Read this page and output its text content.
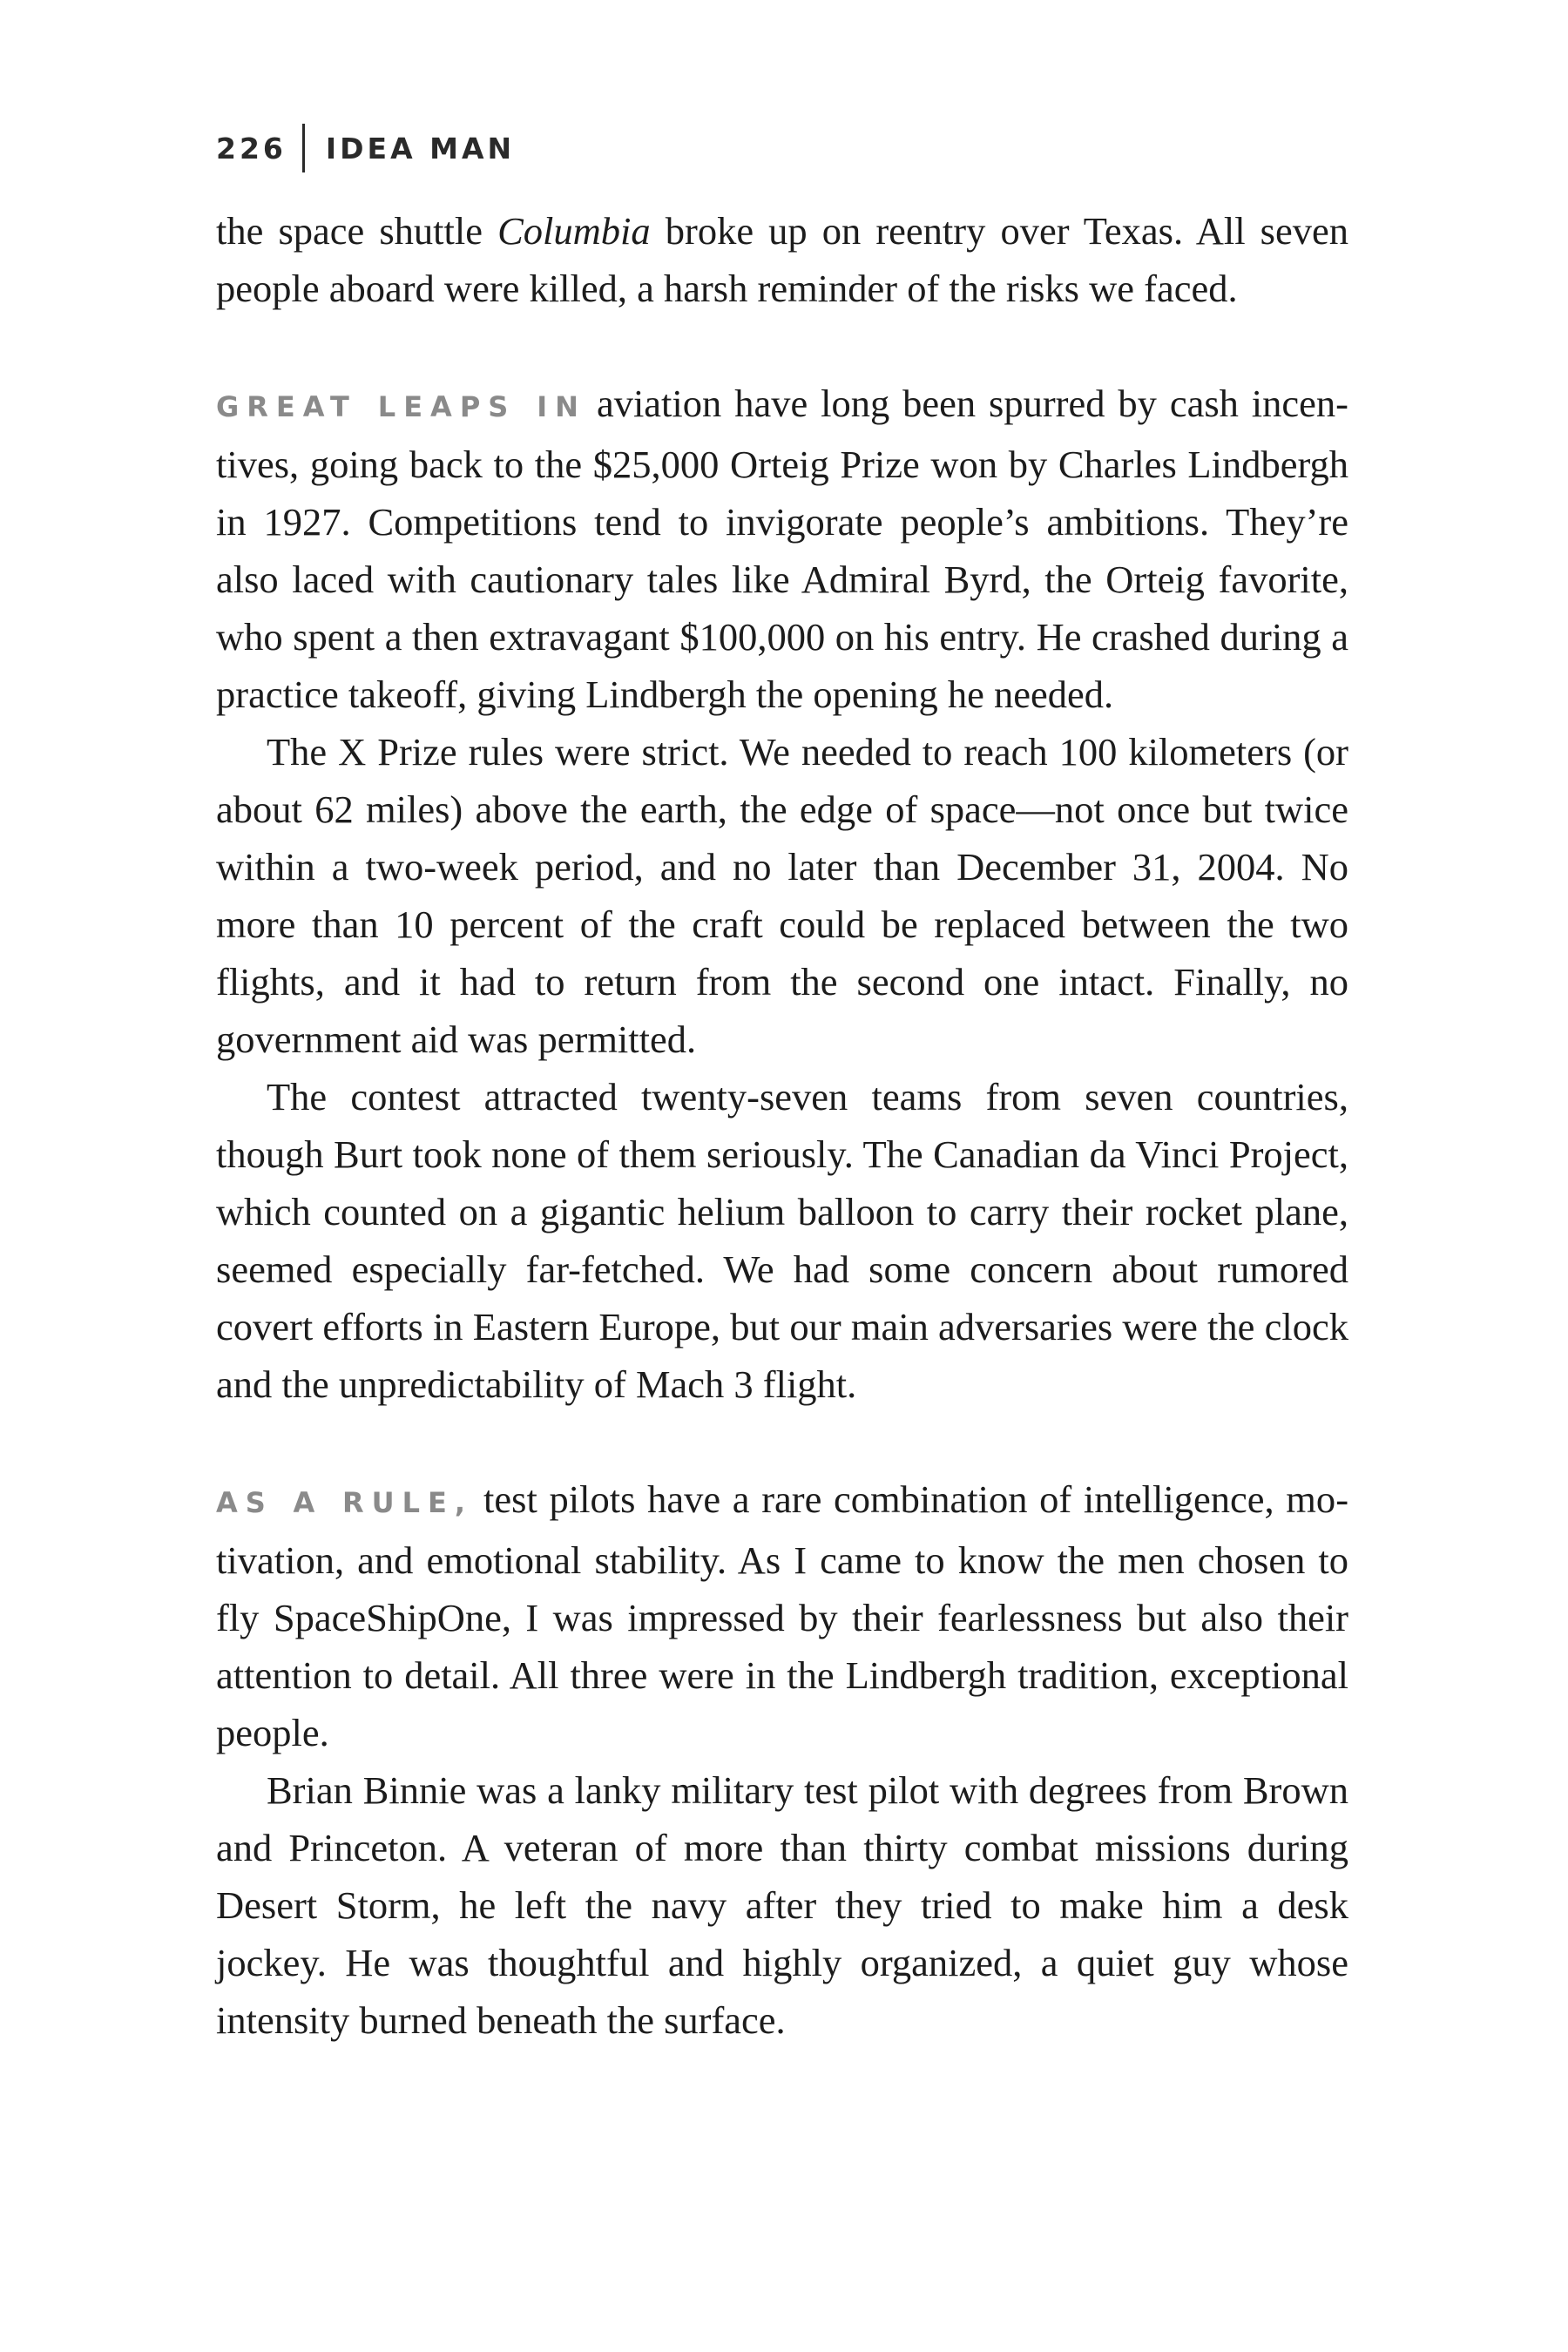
226 IDEA MAN

the space shuttle Columbia broke up on reentry over Texas. All seven people aboard were killed, a harsh reminder of the risks we faced.

GREAT LEAPS IN aviation have long been spurred by cash incentives, going back to the $25,000 Orteig Prize won by Charles Lindbergh in 1927. Competitions tend to invigorate people’s ambitions. They’re also laced with cautionary tales like Admiral Byrd, the Orteig favorite, who spent a then extravagant $100,000 on his entry. He crashed during a practice takeoff, giving Lindbergh the opening he needed.

The X Prize rules were strict. We needed to reach 100 kilometers (or about 62 miles) above the earth, the edge of space—not once but twice within a two-week period, and no later than December 31, 2004. No more than 10 percent of the craft could be replaced between the two flights, and it had to return from the second one intact. Finally, no government aid was permitted.

The contest attracted twenty-seven teams from seven countries, though Burt took none of them seriously. The Canadian da Vinci Project, which counted on a gigantic helium balloon to carry their rocket plane, seemed especially far-fetched. We had some concern about rumored covert efforts in Eastern Europe, but our main adversaries were the clock and the unpredictability of Mach 3 flight.

AS A RULE, test pilots have a rare combination of intelligence, motivation, and emotional stability. As I came to know the men chosen to fly SpaceShipOne, I was impressed by their fearlessness but also their attention to detail. All three were in the Lindbergh tradition, exceptional people.

Brian Binnie was a lanky military test pilot with degrees from Brown and Princeton. A veteran of more than thirty combat missions during Desert Storm, he left the navy after they tried to make him a desk jockey. He was thoughtful and highly organized, a quiet guy whose intensity burned beneath the surface.
